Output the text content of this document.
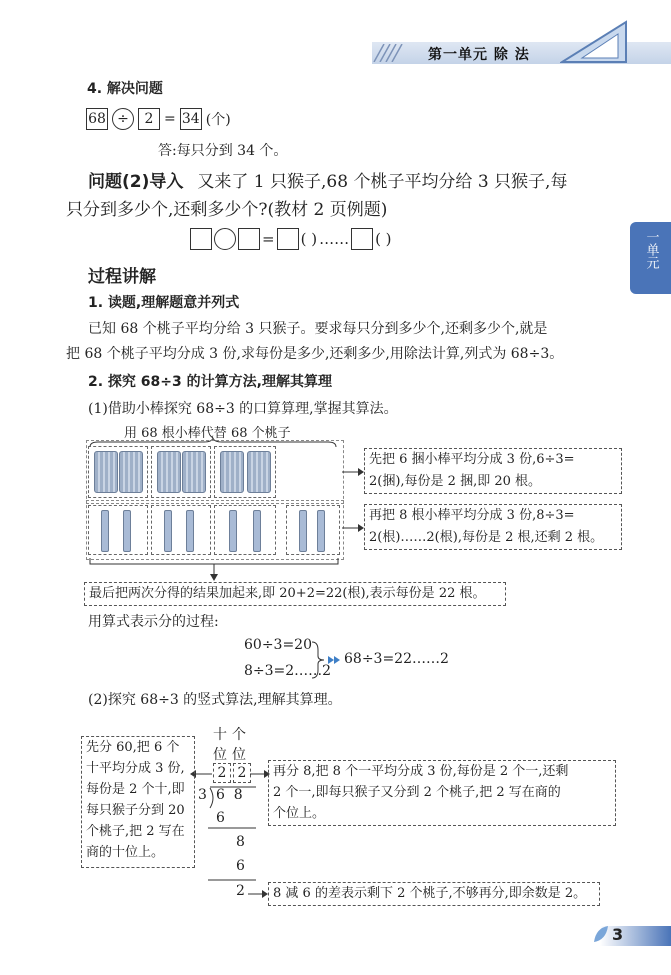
第一单元 除 法
一单元

4. 解决问题

68 ÷	2 = 34 (个)

答:每只分到 34 个。

问题(2)导入 又来了 1 只猴子,68 个桃子平均分给 3 只猴子,每

只分到多少个,还剩多少个?(教材 2 页例题)

= ( ) …… ( )

过程讲解

1. 读题,理解题意并列式

已知 68 个桃子平均分给 3 只猴子。要求每只分到多少个,还剩多少个,就是

把 68 个桃子平均分成 3 份,求每份是多少,还剩多少,用除法计算,列式为 68÷3。

2. 探究 68÷3 的计算方法,理解其算理

(1)借助小棒探究 68÷3 的口算算理,掌握其算法。

用 68 根小棒代替 68 个桃子

先把 6 捆小棒平均分成 3 份,6÷3=
2(捆),每份是 2 捆,即 20 根。
再把 8 根小棒平均分成 3 份,8÷3=
2(根)……2(根),每份是 2 根,还剩 2 根。
最后把两次分得的结果加起来,即 20+2=22(根),表示每份是 22 根。

用算式表示分的过程:

60÷3=20

8÷3=2……2

68÷3=22……2

(2)探究 68÷3 的竖式算法,理解其算理。

十
位
个
位
2 2

3 6  8

6

8

6

2

先分 60,把 6 个
十平均分成 3 份,
每份是 2 个十,即
每只猴子分到 20
个桃子,把 2 写在
商的十位上。
再分 8,把 8 个一平均分成 3 份,每份是 2 个一,还剩
2 个一,即每只猴子又分到 2 个桃子,把 2 写在商的
个位上。
8 减 6 的差表示剩下 2 个桃子,不够再分,即余数是 2。

3
